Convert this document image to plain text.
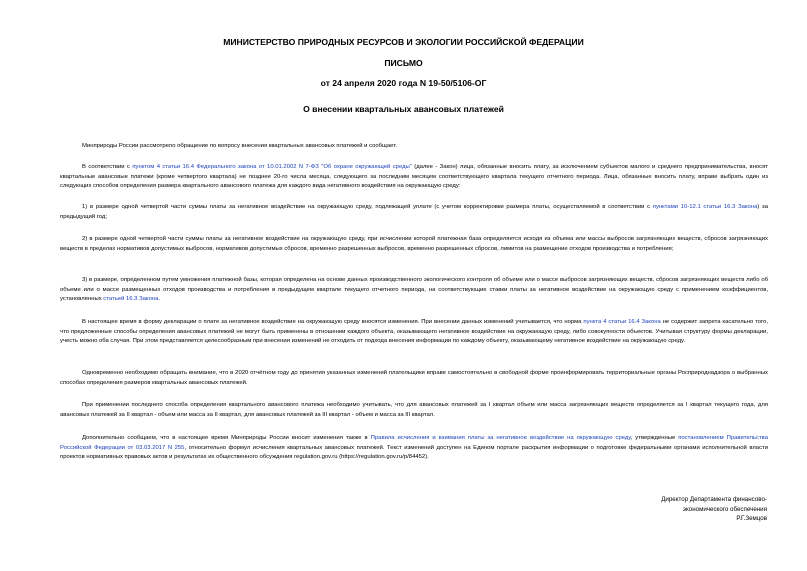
МИНИСТЕРСТВО ПРИРОДНЫХ РЕСУРСОВ И ЭКОЛОГИИ РОССИЙСКОЙ ФЕДЕРАЦИИ
ПИСЬМО
от 24 апреля 2020 года N 19-50/5106-ОГ
О внесении квартальных авансовых платежей
Минприроды России рассмотрело обращение по вопросу внесения квартальных авансовых платежей и сообщает.
В соответствии с пунктом 4 статьи 16.4 Федерального закона от 10.01.2002 N 7-ФЗ "Об охране окружающей среды" (далее - Закон) лица, обязанные вносить плату, за исключением субъектов малого и среднего предпринимательства, вносят квартальные авансовые платежи (кроме четвертого квартала) не позднее 20-го числа месяца, следующего за последним месяцем соответствующего квартала текущего отчетного периода. Лица, обязанные вносить плату, вправе выбрать один из следующих способов определения размера квартального авансового платежа для каждого вида негативного воздействия на окружающую среду:
1) в размере одной четвертой части суммы платы за негативное воздействие на окружающую среду, подлежащей уплате (с учетом корректировки размера платы, осуществляемой в соответствии с пунктами 10-12.1 статьи 16.3 Закона) за предыдущий год;
2) в размере одной четвертой части суммы платы за негативное воздействие на окружающую среду, при исчислении которой платежная база определяется исходя из объема или массы выбросов загрязняющих веществ, сбросов загрязняющих веществ в пределах нормативов допустимых выбросов, нормативов допустимых сбросов, временно разрешенных выбросов, временно разрешенных сбросов, лимитов на размещение отходов производства и потребления;
3) в размере, определенном путем умножения платежной базы, которая определена на основе данных производственного экологического контроля об объеме или о массе выбросов загрязняющих веществ, сбросов загрязняющих веществ либо об объеме или о массе размещенных отходов производства и потребления в предыдущем квартале текущего отчетного периода, на соответствующие ставки платы за негативное воздействие на окружающую среду с применением коэффициентов, установленных статьей 16.3 Закона.
В настоящее время в форму декларации о плате за негативное воздействие на окружающую среду вносятся изменения. При внесении данных изменений учитывается, что норма пункта 4 статьи 16.4 Закона не содержит запрета касательно того, что предложенные способы определения авансовых платежей не могут быть применены в отношении каждого объекта, оказывающего негативное воздействие на окружающую среду, либо совокупности объектов. Учитывая структуру формы декларации, учесть можно оба случая. При этом представляется целесообразным при внесении изменений не отходить от подхода внесения информации по каждому объекту, оказывающему негативное воздействие на окружающую среду.
Одновременно необходимо обращать внимание, что в 2020 отчётном году до принятия указанных изменений плательщики вправе самостоятельно в свободной форме проинформировать территориальные органы Росприроднадзора о выбранных способах определения размеров квартальных авансовых платежей.
При применении последнего способа определения квартального авансового платежа необходимо учитывать, что для авансовых платежей за I квартал объем или масса загрязняющих веществ определяется за I квартал текущего года, для авансовых платежей за II квартал - объем или масса за II квартал, для авансовых платежей за III квартал - объем и масса за III квартал.
Дополнительно сообщаем, что в настоящее время Минприроды России вносит изменения также в Правила исчисления и взимания платы за негативное воздействие на окружающую среду, утвержденные постановлением Правительства Российской Федерации от 03.03.2017 N 255, относительно формул исчисления квартальных авансовых платежей. Текст изменений доступен на Едином портале раскрытия информации о подготовке федеральными органами исполнительной власти проектов нормативных правовых актов и результатах их общественного обсуждения regulation.gov.ru (https://regulation.gov.ru/p/84452).
Директор Департамента финансово-
экономического обеспечения
Р.Г.Земцов
